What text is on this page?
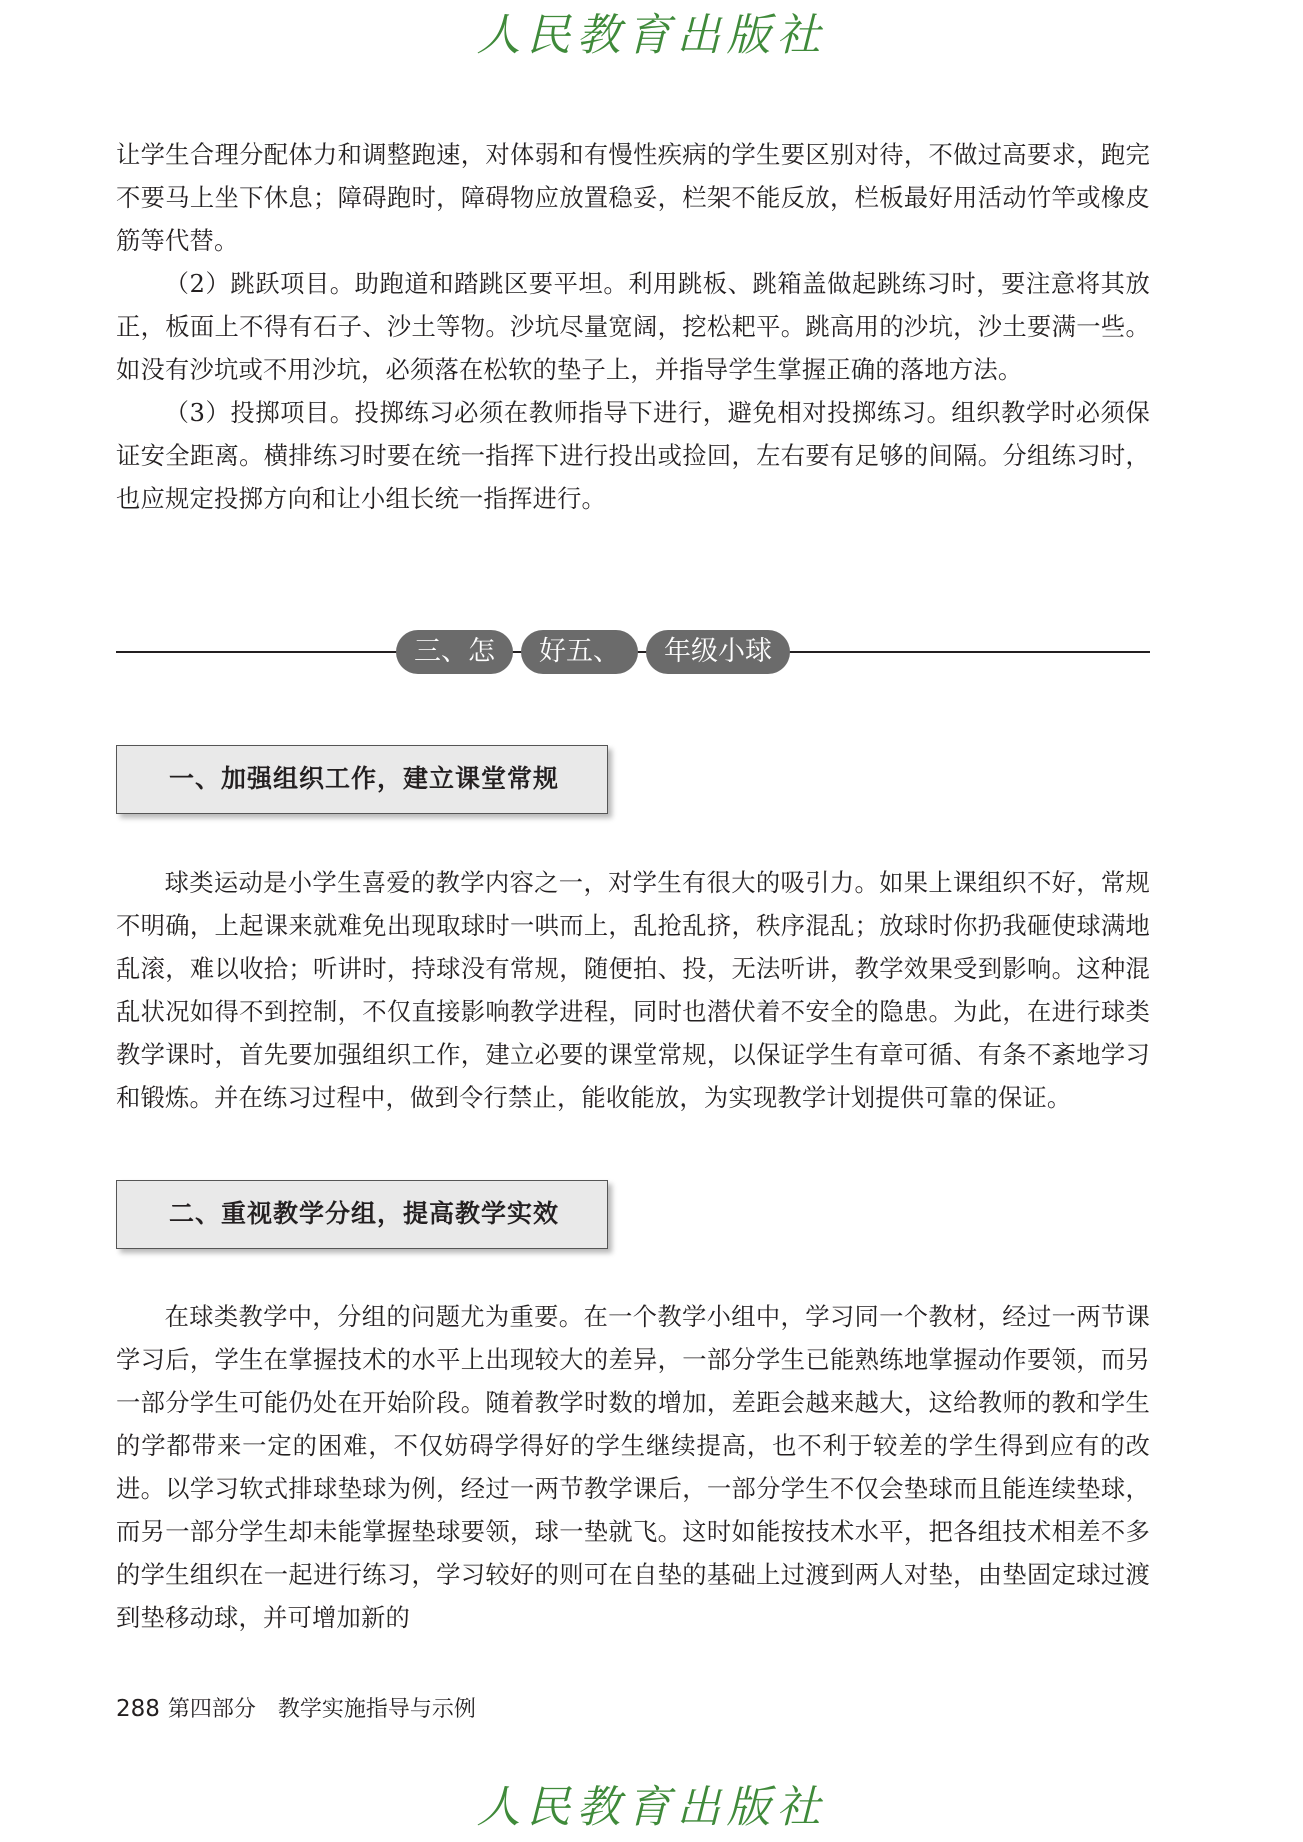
人民教育出版社

让学生合理分配体力和调整跑速，对体弱和有慢性疾病的学生要区别对待，不做过高要求，跑完不要马上坐下休息；障碍跑时，障碍物应放置稳妥，栏架不能反放，栏板最好用活动竹竿或橡皮筋等代替。

（2）跳跃项目。助跑道和踏跳区要平坦。利用跳板、跳箱盖做起跳练习时，要注意将其放正，板面上不得有石子、沙土等物。沙坑尽量宽阔，挖松耙平。跳高用的沙坑，沙土要满一些。如没有沙坑或不用沙坑，必须落在松软的垫子上，并指导学生掌握正确的落地方法。

（3）投掷项目。投掷练习必须在教师指导下进行，避免相对投掷练习。组织教学时必须保证安全距离。横排练习时要在统一指挥下进行投出或捡回，左右要有足够的间隔。分组练习时，也应规定投掷方向和让小组长统一指挥进行。

三、怎	好五、	年级小球
一、加强组织工作，建立课堂常规

球类运动是小学生喜爱的教学内容之一，对学生有很大的吸引力。如果上课组织不好，常规不明确，上起课来就难免出现取球时一哄而上，乱抢乱挤，秩序混乱；放球时你扔我砸使球满地乱滚，难以收拾；听讲时，持球没有常规，随便拍、投，无法听讲，教学效果受到影响。这种混乱状况如得不到控制，不仅直接影响教学进程，同时也潜伏着不安全的隐患。为此，在进行球类教学课时，首先要加强组织工作，建立必要的课堂常规，以保证学生有章可循、有条不紊地学习和锻炼。并在练习过程中，做到令行禁止，能收能放，为实现教学计划提供可靠的保证。

二、重视教学分组，提高教学实效

在球类教学中，分组的问题尤为重要。在一个教学小组中，学习同一个教材，经过一两节课学习后，学生在掌握技术的水平上出现较大的差异，一部分学生已能熟练地掌握动作要领，而另一部分学生可能仍处在开始阶段。随着教学时数的增加，差距会越来越大，这给教师的教和学生的学都带来一定的困难，不仅妨碍学得好的学生继续提高，也不利于较差的学生得到应有的改进。以学习软式排球垫球为例，经过一两节教学课后，一部分学生不仅会垫球而且能连续垫球，而另一部分学生却未能掌握垫球要领，球一垫就飞。这时如能按技术水平，把各组技术相差不多的学生组织在一起进行练习，学习较好的则可在自垫的基础上过渡到两人对垫，由垫固定球过渡到垫移动球，并可增加新的

288 第四部分 教学实施指导与示例
人民教育出版社
